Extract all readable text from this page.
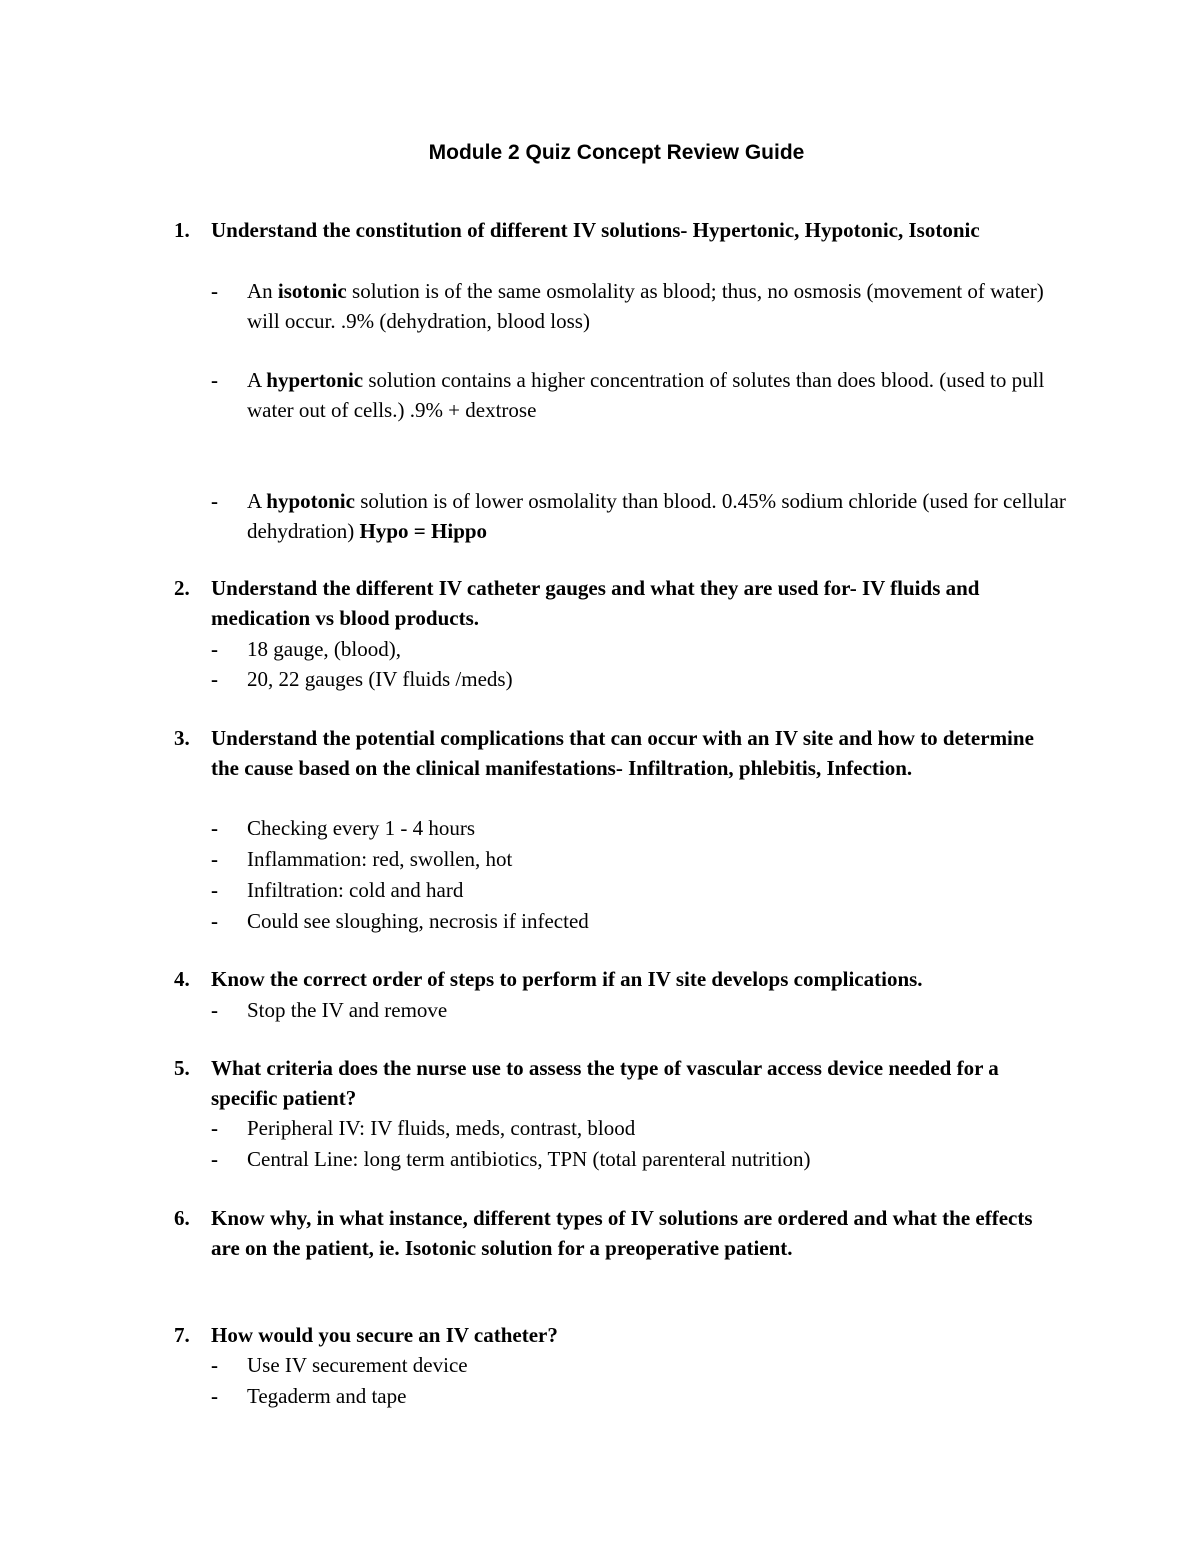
Module 2 Quiz Concept Review Guide
1.	Understand the constitution of different IV solutions- Hypertonic, Hypotonic, Isotonic
-	An isotonic solution is of the same osmolality as blood; thus, no osmosis (movement of water) will occur. .9% (dehydration, blood loss)
-	A hypertonic solution contains a higher concentration of solutes than does blood. (used to pull water out of cells.) .9% + dextrose
-	A hypotonic solution is of lower osmolality than blood. 0.45% sodium chloride (used for cellular dehydration) Hypo = Hippo
2.	Understand the different IV catheter gauges and what they are used for- IV fluids and medication vs blood products.
-	18 gauge, (blood),
-	20, 22 gauges (IV fluids /meds)
3.	Understand the potential complications that can occur with an IV site and how to determine the cause based on the clinical manifestations- Infiltration, phlebitis, Infection.
-	Checking every 1 - 4 hours
-	Inflammation: red, swollen, hot
-	Infiltration: cold and hard
-	Could see sloughing, necrosis if infected
4.	Know the correct order of steps to perform if an IV site develops complications.
-	Stop the IV and remove
5.	What criteria does the nurse use to assess the type of vascular access device needed for a specific patient?
-	Peripheral IV: IV fluids, meds, contrast, blood
-	Central Line: long term antibiotics, TPN (total parenteral nutrition)
6.	Know why, in what instance, different types of IV solutions are ordered and what the effects are on the patient, ie. Isotonic solution for a preoperative patient.
7.	How would you secure an IV catheter?
-	Use IV securement device
-	Tegaderm and tape
